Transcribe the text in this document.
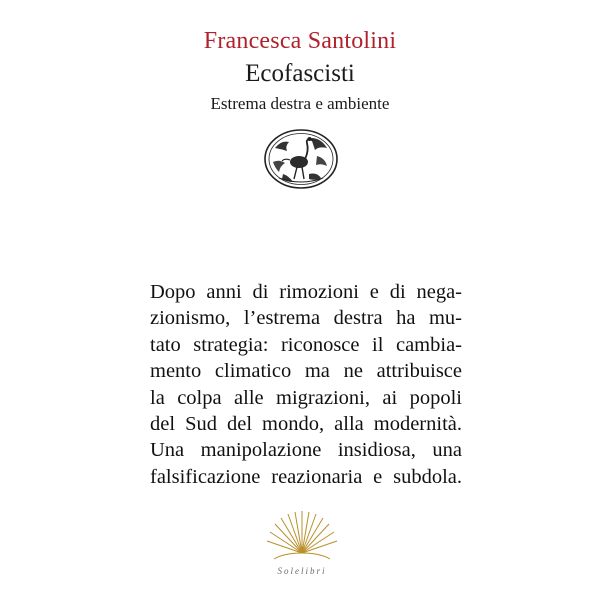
Francesca Santolini
Ecofascisti
Estrema destra e ambiente
Dopo anni di rimozioni e di nega-
zionismo, l’estrema destra ha mu-
tato strategia: riconosce il cambia-
mento climatico ma ne attribuisce
la colpa alle migrazioni, ai popoli
del Sud del mondo, alla modernità.
Una manipolazione insidiosa, una
falsificazione reazionaria e subdola.
Solelibri
